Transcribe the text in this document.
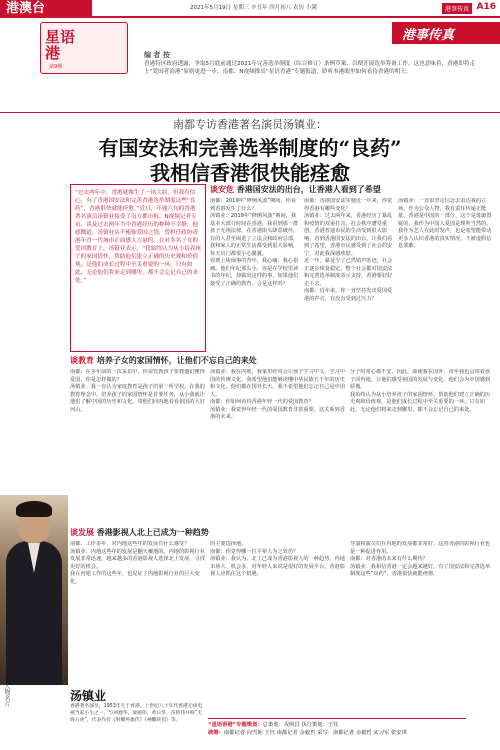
港澳台	2021年5月19日 星期三 辛丑年 四月初八 农历 小满	港事传真 A16
星语
港
第9期
港事传真
编 者 按
香港特区政府透露，争取5月底前通过2021年完善选举制度（综合修订）条例草案，以便开展选举筹备工作。这也意味着，香港即将走上“爱国者治港”原则更进一步。南都、N视频推出“星语香港”专题报道，聆听本港眼里如何看待香港的明天。
南都专访香港著名演员汤镇业：
有国安法和完善选举制度的“良药”
我相信香港很快能痊愈
“过去两年中，香港就像生了一场大病，但我有信心，有了香港国安法和完善香港选举制度这些“良药”，香港很快就能痊愈。”近日，年逾六旬的香港著名演员汤镇业接受了南方都市报、N视频记者专访，谈及过去两年当中香港经历的种种不幸静，他感慨道。汤镇业从不掩饰爱国之情，曾担任政协香港年青一代城市正面感人力量的，在对多名子女的爱国教育上，汤镇业表示，“我始终认为从小培养孩子的家国情怀，帮助他们建立正确的历史观和价值观，是他们成长过程中至关重要的一环。只有如此，无论他们将来走到哪里，都不会忘记自己的来处。”
谈安危 香港国安法的出台，让香港人看到了希望
南都：2019年“修例风波”期间，你看到香港发生了什么？
汤镇业：2019年“修例风波”期间，我基本大部分时间在香港，我看到那一群孩子无视法律，在香港街头肆意破坏，有的人甚至闹进了立法会和政府总部，我和家人的正常生活都受到很大影响，每天出门都要小心翼翼。
看到上街闹事的青年，我心痛，我心很痛。他们年纪那么小，该是在学校里读书的年纪，却做出这样的事，如果他们接受了正确的教育，会是这样吗？
南都：香港国安法实施近一年来，你觉得香港有哪些变化？
汤镇业：过去两年来，香港经历了暴乱和疫情的双重打击，社会秩序遭受重创，香港普通市民的生活受到很大影响。直到香港国安法的出台，让我们看到了希望，香港市民感受到了社会的安宁，对此我深感欣慰。
近一年，暴徒少了已然销声匿迹，社会正逐步恢复稳定，整个社会都对国安法和完善选举制度表示支持，香港要好好走下去。
南都：近年来，你一直坚持发出爱国爱港的声音，有没有受到过压力？
汤镇业：一直很坚定信念去表达我的立场，作为公众人物，我有责任传递正能量。香港是中国的一部分，这个是毋庸置疑的，我作为中国人爱国是理所当然的。
我作为艺人在此时发声，也是希望能带动更多人认识香港的真实情况，不被虚假信息蒙蔽。
谈教育 培养子女的家国情怀，让他们不忘自己的来处
南都：在多年前的一次采访中，你说管教孩子要教他们懂得爱国，你是怎样做的？
汤镇业：我一直认为家庭教育是孩子的第一所学校。在我的教育理念中，培养孩子的家国情怀是首要任务，从小我就让他们了解中国的历史和文化，带他们回内地看看祖国的大好河山。
汤镇业：我在内地，我家里经常会让孩子学习中文，学习中国的传统文化，我希望他们能够读懂中华民族五千年的历史和文化。他们都在国外长大，我不希望他们忘记自己是中国人。
南都：你如何看待香港年轻一代的爱国教育？
汤镇业：我觉得年轻一代的爱国教育非常重要，这关系到香港的未来。
分子时常心都不安，因此，即使我在国外，每年我也会带着孩子回内地，让他们感受祖国的发展与变化，他们会为中国感到骄傲。
我始终认为从小培养孩子的家国情怀，帮助他们建立正确的历史观和价值观，是他们成长过程中至关重要的一环。只有如此，无论他们将来走到哪里，都不会忘记自己的来处。
谈发展 香港影视人北上已成为一种趋势
南都：工作多年，对内地这些年的发展有什么感受？
汤镇业：内地这些年的发展是翻天覆地的。内地的影视行业发展非常迅速，越来越多的香港影视人选择北上发展，寻找更好的机会。
我在内地工作的这些年，也见证了内地影视行业的巨大变化。
的主要选择地。
南都：你觉得哪一位平辈人为之效仿？
汤镇业：我认为，北上已成为香港影视人的一种趋势。内地市场大、机会多，对年轻人来说是很好的发展平台。香港影视人应抓住这个机遇。
导演和演员们在内地的发展都非常好。这对香港的影视行业也是一种促进作用。
南都：对香港的未来有什么期待？
汤镇业：我相信香港一定会越来越好，有了国安法和完善选举制度这些“良药”，香港很快就能痊愈。
人物名片	汤镇业
香港著名演员，1953年生于香港。上世纪八十年代香港无线电视当家小生之一，与刘德华、梁朝伟、黄日华、苗侨伟并称“无线五虎”，代表作有《射雕英雄传》《神雕侠侣》等。
“星语香港”专题策划：总策划：戎明昌 执行策划：王钰
统筹：南都记者 向雪妮 王钰 南都记者 余毅哲 采写：南都记者 余毅哲 宋习军 张安琪
